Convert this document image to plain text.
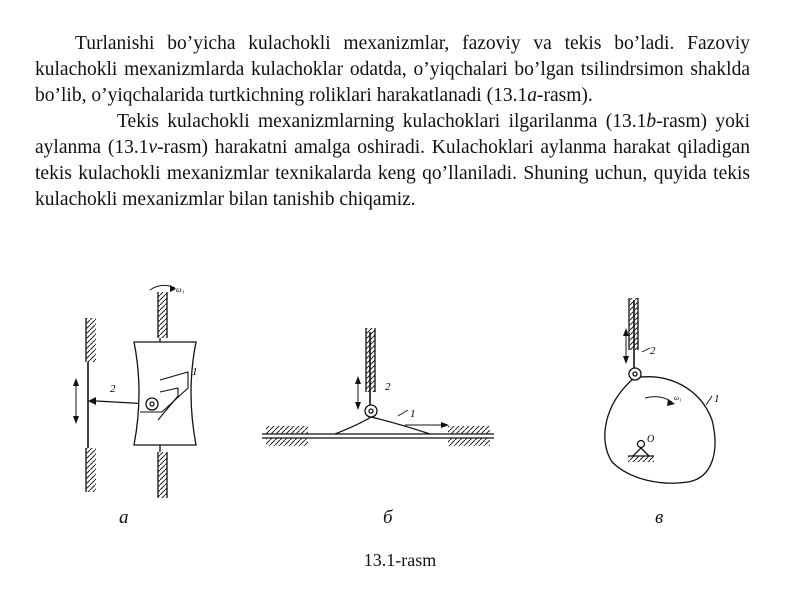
Turlanishi bo’yicha kulachokli mexanizmlar, fazoviy va tekis bo’ladi. Fazoviy kulachokli mexanizmlarda kulachoklar odatda, o’yiqchalari bo’lgan tsilindrsimon shaklda bo’lib, o’yiqchalarida turtkichning roliklari harakatlanadi (13.1a-rasm).

Tekis kulachokli mexanizmlarning kulachoklari ilgarilanma (13.1b-rasm) yoki aylanma (13.1v-rasm) harakatni amalga oshiradi. Kulachoklari aylanma harakat qiladigan tekis kulachokli mexanizmlar texnikalarda keng qo’llaniladi. Shuning uchun, quyida tekis kulachokli mexanizmlar bilan tanishib chiqamiz.

2
1
ω₁
2
1
2
1
ω₁
O
а	б	в
13.1-rasm
